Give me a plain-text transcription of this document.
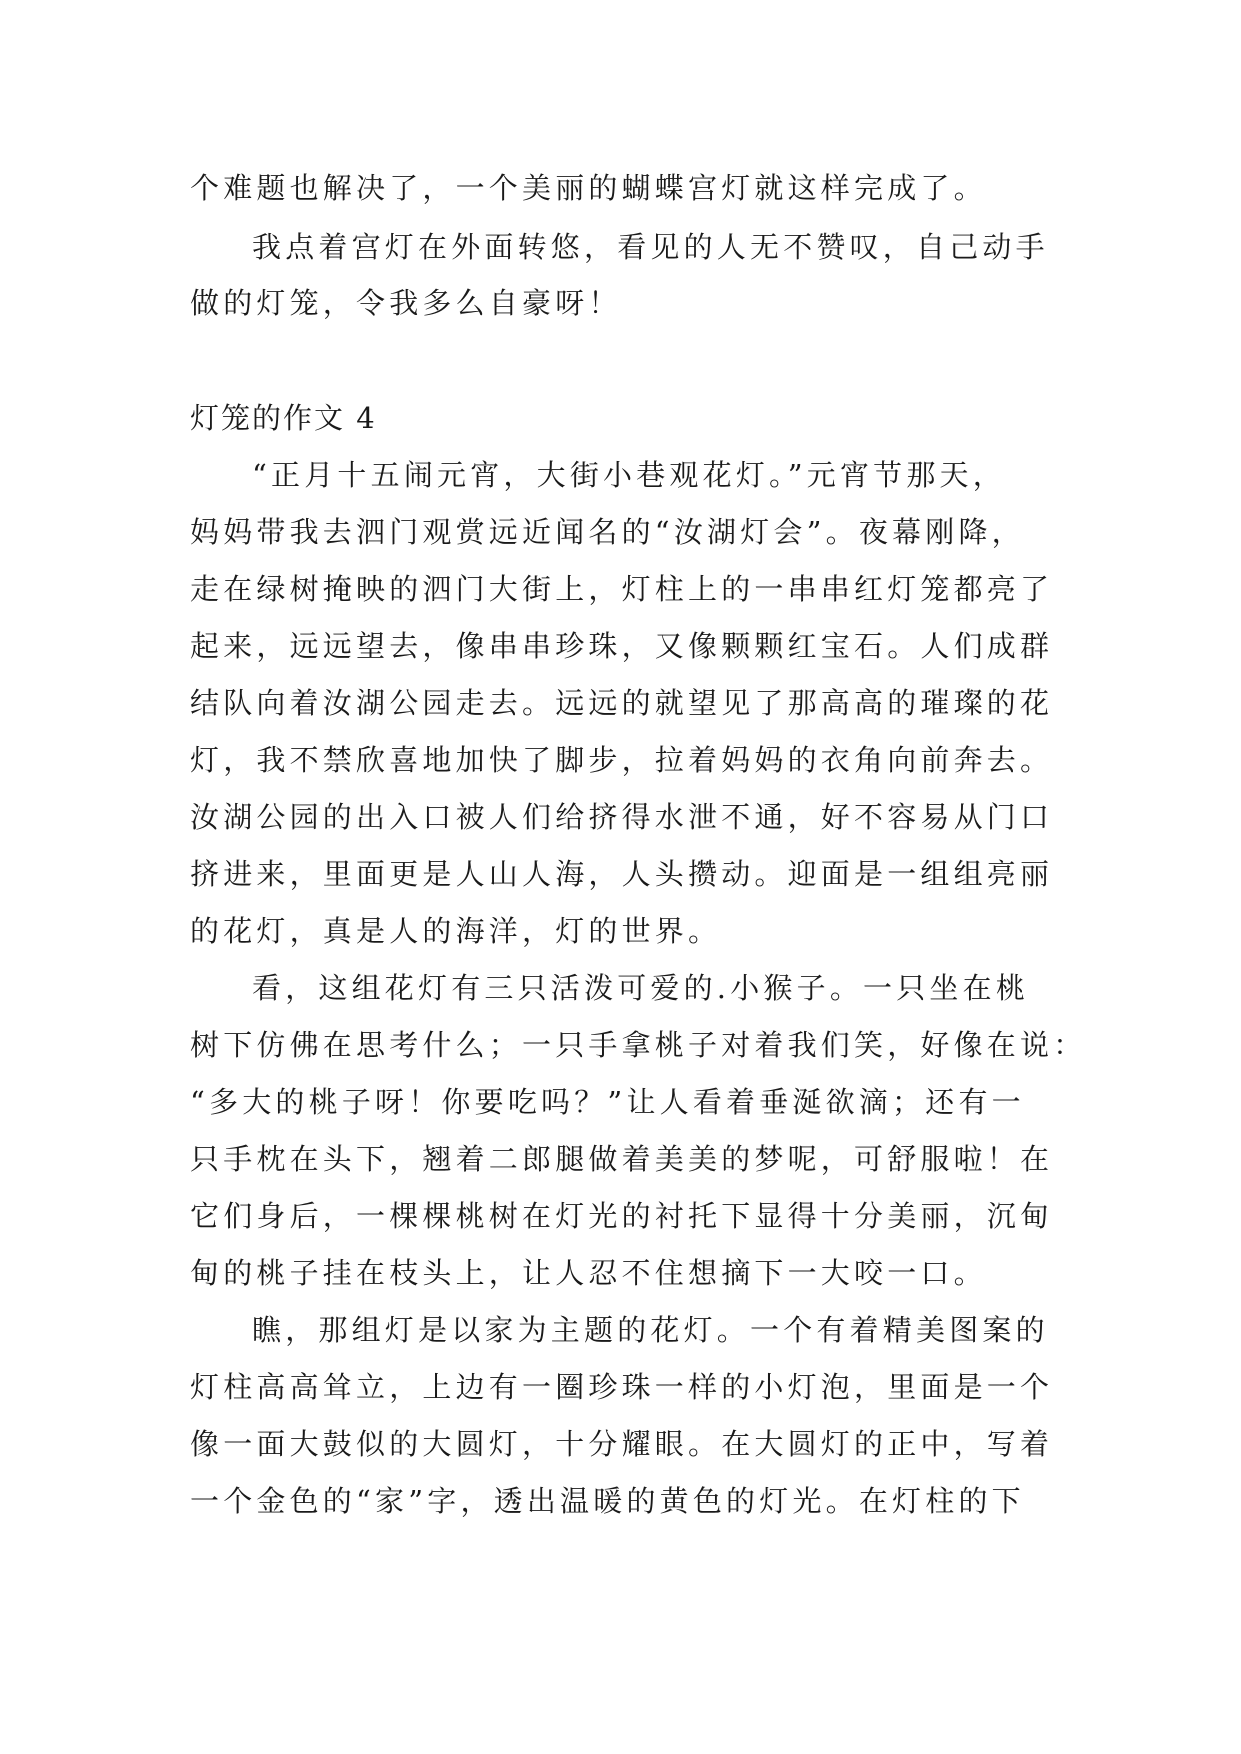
个难题也解决了，一个美丽的蝴蝶宫灯就这样完成了。

我点着宫灯在外面转悠，看见的人无不赞叹，自己动手

做的灯笼，令我多么自豪呀！

灯笼的作文 4

“正月十五闹元宵，大街小巷观花灯。”元宵节那天，

妈妈带我去泗门观赏远近闻名的“汝湖灯会”。夜幕刚降，

走在绿树掩映的泗门大街上，灯柱上的一串串红灯笼都亮了

起来，远远望去，像串串珍珠，又像颗颗红宝石。人们成群

结队向着汝湖公园走去。远远的就望见了那高高的璀璨的花

灯，我不禁欣喜地加快了脚步，拉着妈妈的衣角向前奔去。

汝湖公园的出入口被人们给挤得水泄不通，好不容易从门口

挤进来，里面更是人山人海，人头攒动。迎面是一组组亮丽

的花灯，真是人的海洋，灯的世界。

看，这组花灯有三只活泼可爱的.小猴子。一只坐在桃

树下仿佛在思考什么；一只手拿桃子对着我们笑，好像在说：

“多大的桃子呀！你要吃吗？”让人看着垂涎欲滴；还有一

只手枕在头下，翘着二郎腿做着美美的梦呢，可舒服啦！在

它们身后，一棵棵桃树在灯光的衬托下显得十分美丽，沉甸

甸的桃子挂在枝头上，让人忍不住想摘下一大咬一口。

瞧，那组灯是以家为主题的花灯。一个有着精美图案的

灯柱高高耸立，上边有一圈珍珠一样的小灯泡，里面是一个

像一面大鼓似的大圆灯，十分耀眼。在大圆灯的正中，写着

一个金色的“家”字，透出温暖的黄色的灯光。在灯柱的下
